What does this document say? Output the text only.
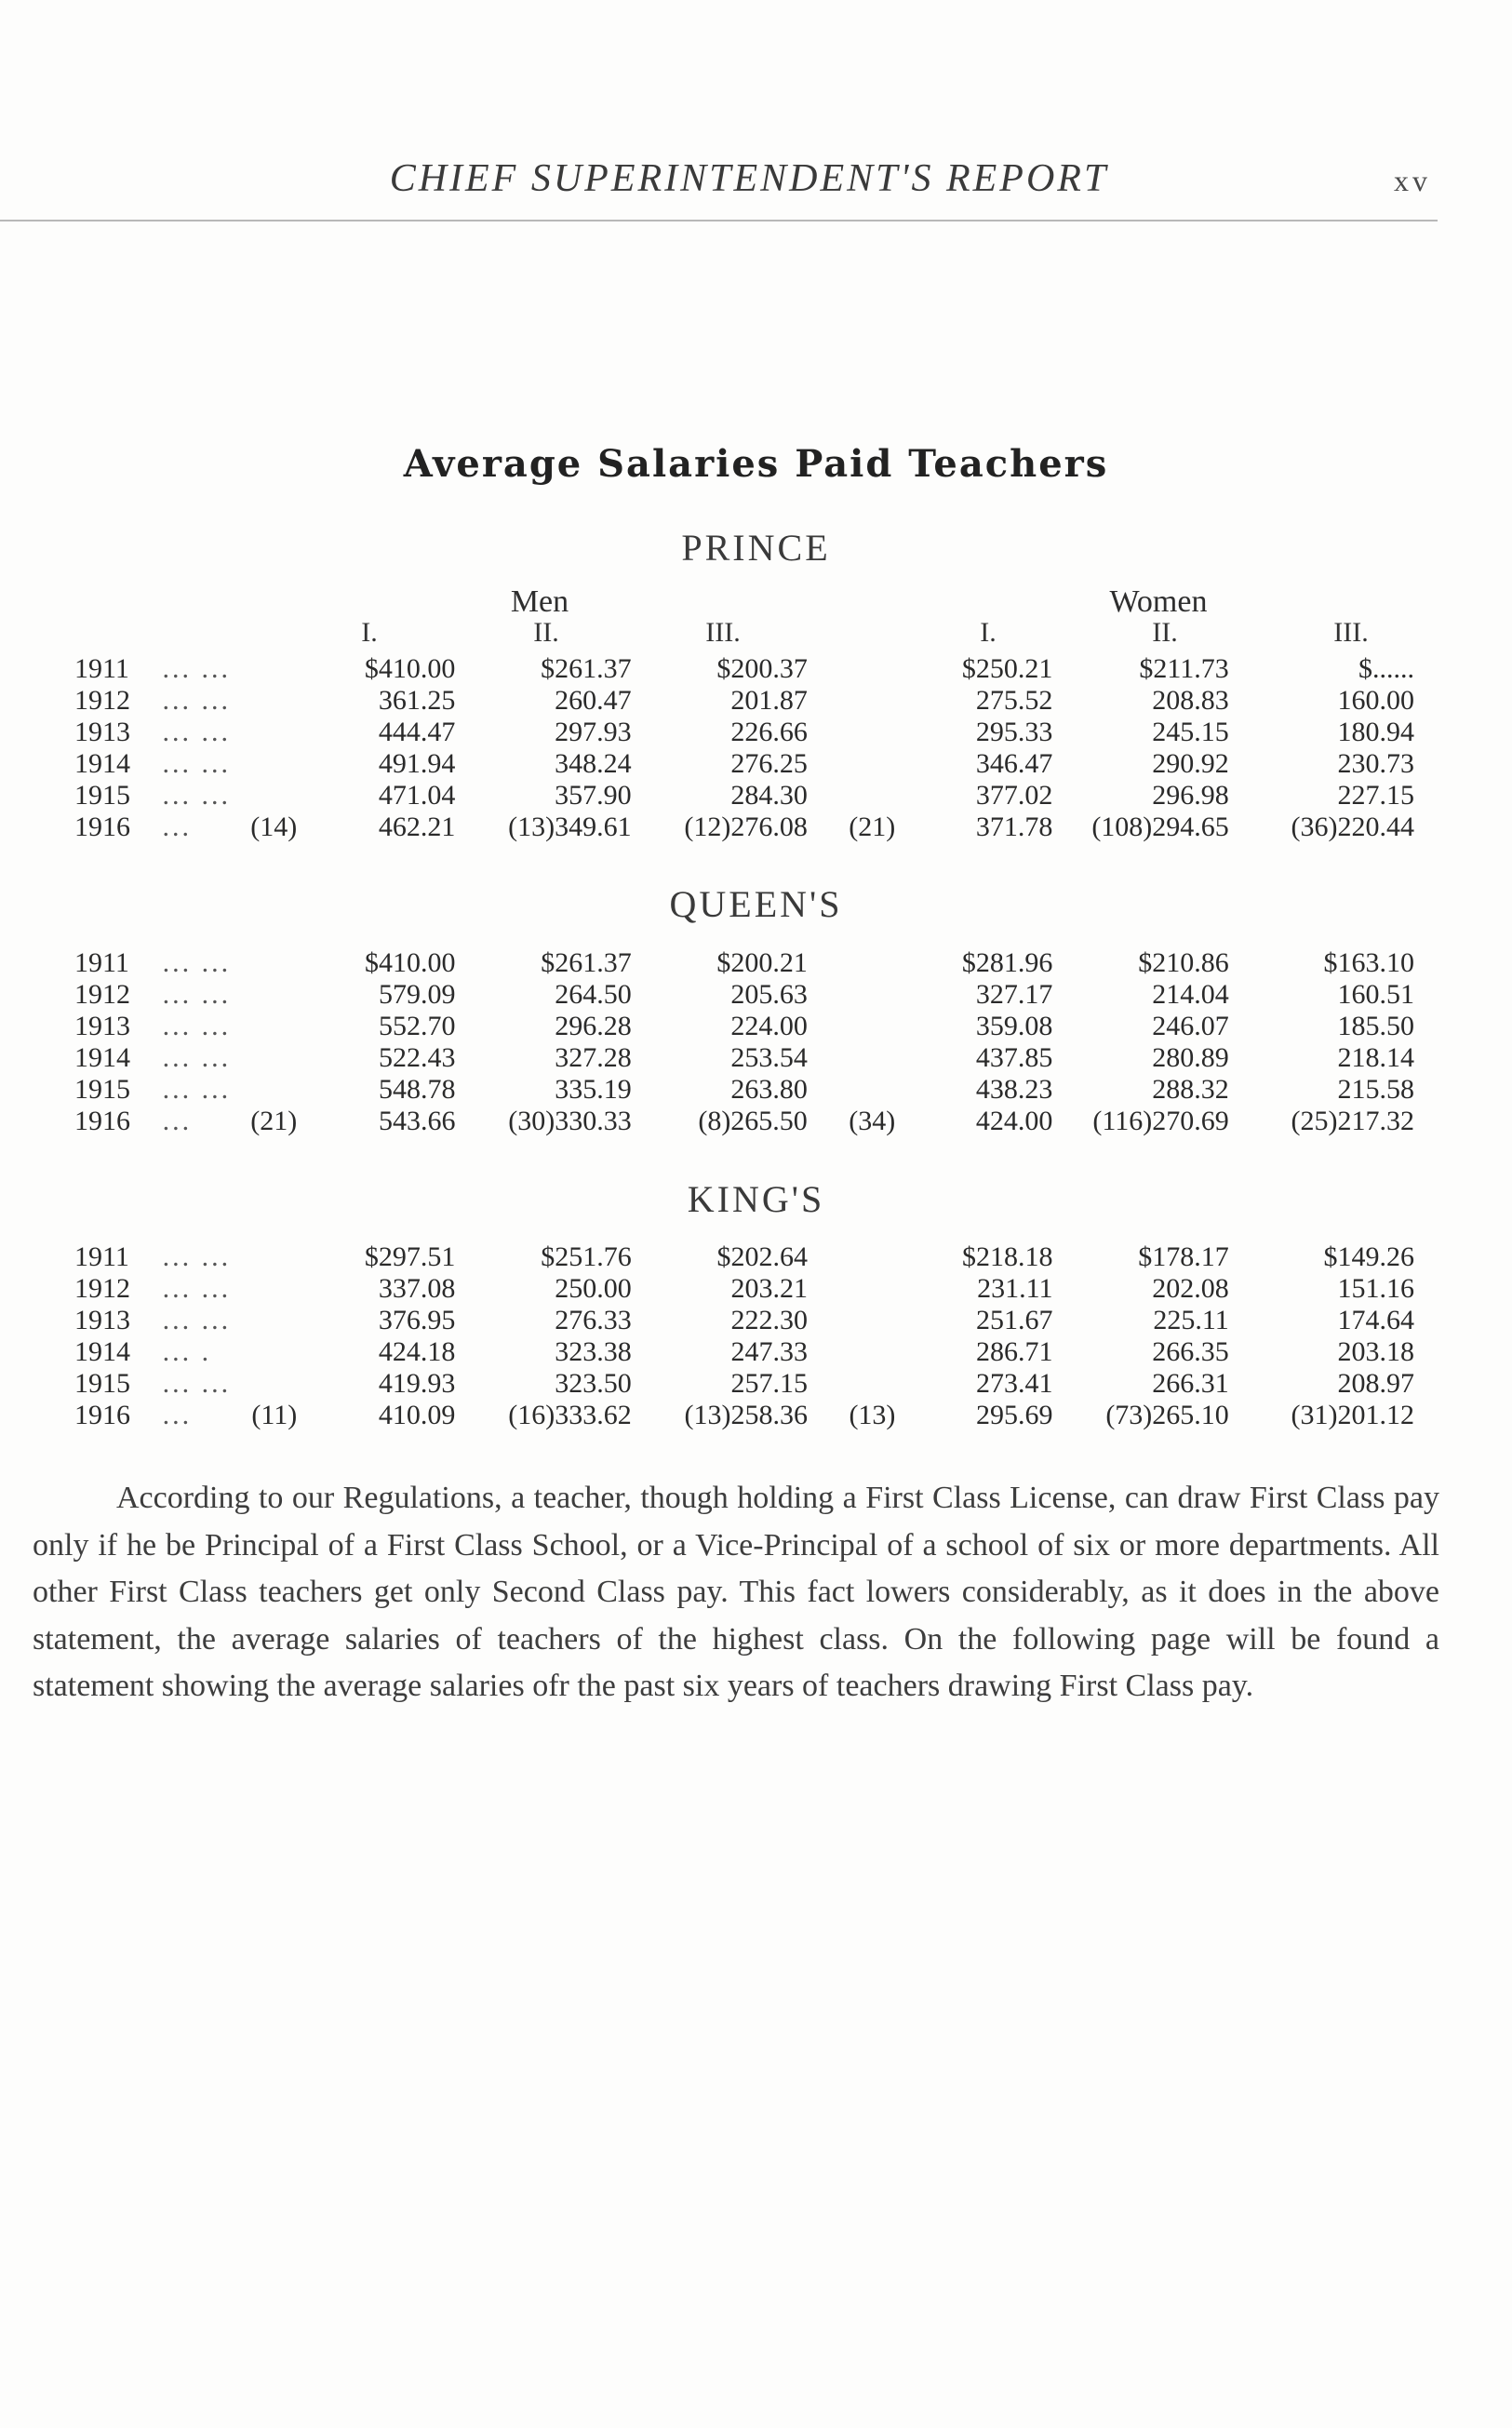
CHIEF SUPERINTENDENT'S REPORT	xv
Average Salaries Paid Teachers
PRINCE
Men	Women
I.	II.	III.	I.	II.	III.
1911	... ...		$410.00	$261.37	$200.37		$250.21	$211.73	$......
1912	... ...		361.25	260.47	201.87		275.52	208.83	160.00
1913	... ...		444.47	297.93	226.66		295.33	245.15	180.94
1914	... ...		491.94	348.24	276.25		346.47	290.92	230.73
1915	... ...		471.04	357.90	284.30		377.02	296.98	227.15
1916	...	(14)	462.21	(13)349.61	(12)276.08	(21)	371.78	(108)294.65	(36)220.44
QUEEN'S
1911	... ...		$410.00	$261.37	$200.21		$281.96	$210.86	$163.10
1912	... ...		579.09	264.50	205.63		327.17	214.04	160.51
1913	... ...		552.70	296.28	224.00		359.08	246.07	185.50
1914	... ...		522.43	327.28	253.54		437.85	280.89	218.14
1915	... ...		548.78	335.19	263.80		438.23	288.32	215.58
1916	...	(21)	543.66	(30)330.33	(8)265.50	(34)	424.00	(116)270.69	(25)217.32
KING'S
1911	... ...		$297.51	$251.76	$202.64		$218.18	$178.17	$149.26
1912	... ...		337.08	250.00	203.21		231.11	202.08	151.16
1913	... ...		376.95	276.33	222.30		251.67	225.11	174.64
1914	... .		424.18	323.38	247.33		286.71	266.35	203.18
1915	... ...		419.93	323.50	257.15		273.41	266.31	208.97
1916	...	(11)	410.09	(16)333.62	(13)258.36	(13)	295.69	(73)265.10	(31)201.12

According to our Regulations, a teacher, though holding a First Class License, can draw First Class pay only if he be Principal of a First Class School, or a Vice-Principal of a school of six or more departments. All other First Class teachers get only Second Class pay. This fact lowers considerably, as it does in the above statement, the average salaries of teachers of the highest class. On the following page will be found a statement showing the average salaries ofr the past six years of teachers drawing First Class pay.
